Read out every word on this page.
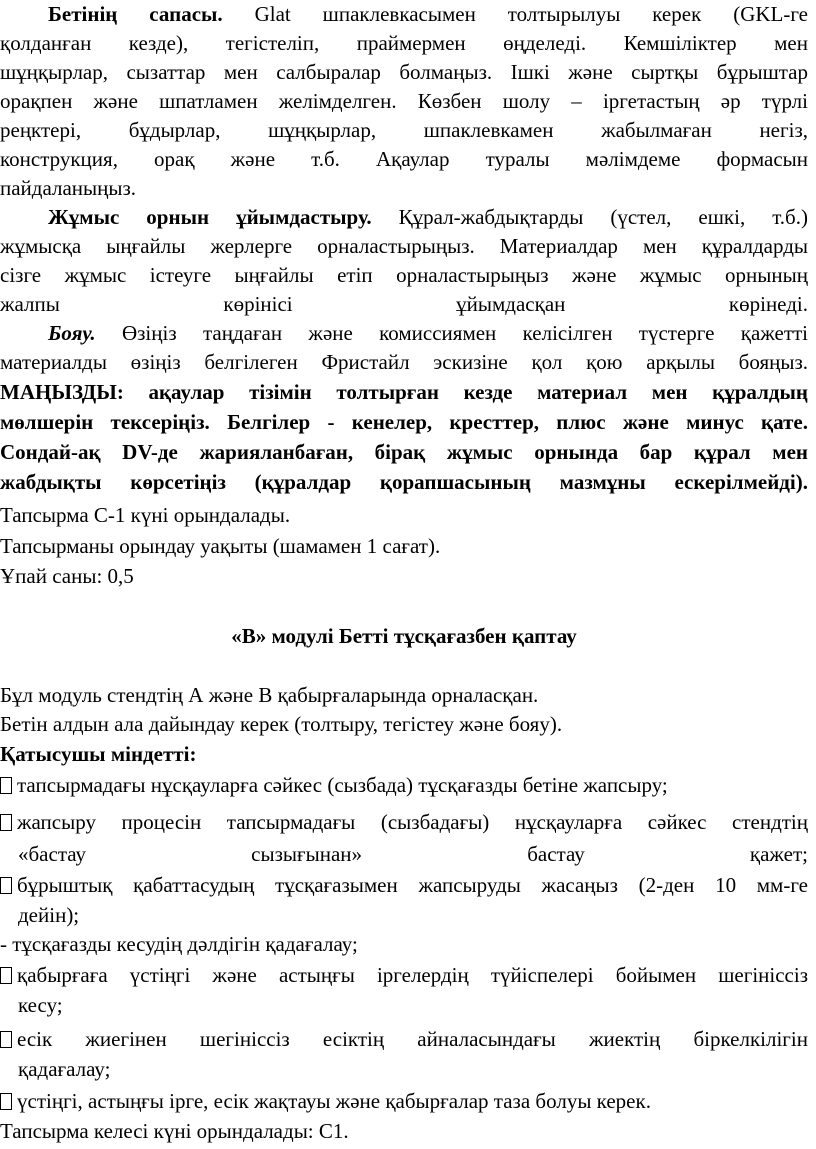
Бетінің сапасы. Glat шпаклевкасымен толтырылуы керек (GKL-ге
қолданған кезде), тегістеліп, праймермен өңделеді. Кемшіліктер мен
шұңқырлар, сызаттар мен салбыралар болмаңыз. Ішкі және сыртқы бұрыштар
орақпен және шпатламен желімделген. Көзбен шолу – іргетастың әр түрлі
реңктері, бұдырлар, шұңқырлар, шпаклевкамен жабылмаған негіз,
конструкция, орақ және т.б. Ақаулар туралы мәлімдеме формасын
пайдаланыңыз.
Жұмыс орнын ұйымдастыру. Құрал-жабдықтарды (үстел, ешкі, т.б.)
жұмысқа ыңғайлы жерлерге орналастырыңыз. Материалдар мен құралдарды
сізге жұмыс істеуге ыңғайлы етіп орналастырыңыз және жұмыс орнының
жалпы көрінісі ұйымдасқан көрінеді.
Бояу. Өзіңіз таңдаған және комиссиямен келісілген түстерге қажетті
материалды өзіңіз белгілеген Фристайл эскизіне қол қою арқылы бояңыз.
МАҢЫЗДЫ: ақаулар тізімін толтырған кезде материал мен құралдың
мөлшерін тексеріңіз. Белгілер - кенелер, кресттер, плюс және минус қате.
Сондай-ақ DV-де жарияланбаған, бірақ жұмыс орнында бар құрал мен
жабдықты көрсетіңіз (құралдар қорапшасының мазмұны ескерілмейді).
Тапсырма С-1 күні орындалады.
Тапсырманы орындау уақыты (шамамен 1 сағат).
Ұпай саны: 0,5
«В» модулі Бетті тұсқағазбен қаптау
Бұл модуль стендтің А және В қабырғаларында орналасқан.
Бетін алдын ала дайындау керек (толтыру, тегістеу және бояу).
Қатысушы міндетті:
тапсырмадағы нұсқауларға сәйкес (сызбада) тұсқағазды бетіне жапсыру;
жапсыру процесін тапсырмадағы (сызбадағы) нұсқауларға сәйкес стендтің
«бастау сызығынан» бастау қажет;
бұрыштық қабаттасудың тұсқағазымен жапсыруды жасаңыз (2-ден 10 мм-ге
дейін);
- тұсқағазды кесудің дәлдігін қадағалау;
қабырғаға үстіңгі және астыңғы іргелердің түйіспелері бойымен шегініссіз
кесу;
есік жиегінен шегініссіз есіктің айналасындағы жиектің біркелкілігін
қадағалау;
үстіңгі, астыңғы ірге, есік жақтауы және қабырғалар таза болуы керек.
Тапсырма келесі күні орындалады: С1.
